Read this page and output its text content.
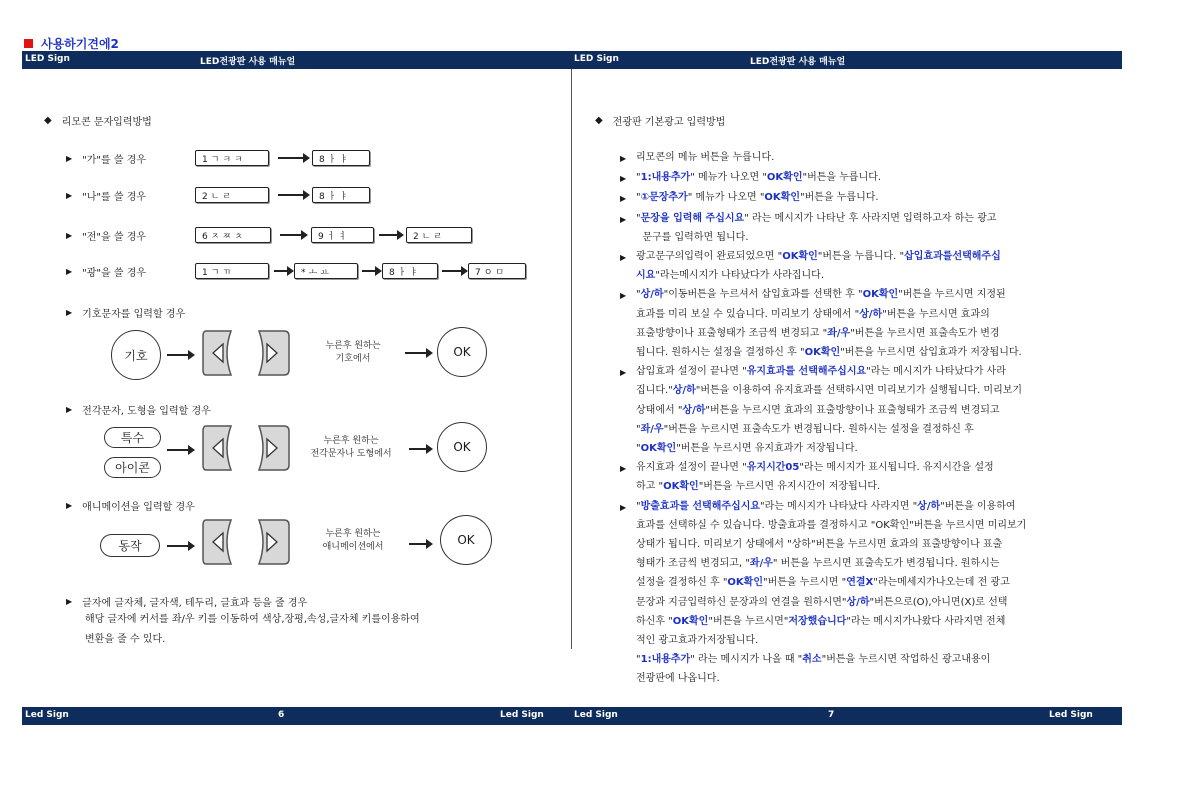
사용하기견에2
LED Sign	LED전광판 사용 매뉴얼	LED Sign	LED전광판 사용 매뉴얼
◆ 리모콘 문자입력방법
▶ "가"를 쓸 경우	1ㄱㅋㅋ	8ㅏㅑ
▶ "나"를 쓸 경우	2ㄴㄹ	8ㅏㅑ
▶ "전"을 쓸 경우	6ㅈㅉㅊ	9ㅓㅕ	2ㄴㄹ
▶ "광"을 쓸 경우	1ㄱㄲ	*ㅗㅛ	8ㅏㅑ	7ㅇㅁ
▶ 기호문자를 입력할 경우
기호
누른후 원하는
기호에서	OK
▶ 전각문자, 도형을 입력할 경우
특수
아이콘
누른후 원하는
전각문자나 도형에서	OK
▶ 애니메이션을 입력할 경우
동작
누른후 원하는
애니메이션에서	OK
▶ 글자에 글자체, 글자색, 테두리, 글효과 등을 줄 경우
해당 글자에 커서를 좌/우 키를 이동하여 색상,장평,속성,글자체 키를이용하여
변환을 줄 수 있다.
◆ 전광판 기본광고 입력방법
▶ 리모콘의 메뉴 버튼을 누릅니다.
▶ "1:내용추가" 메뉴가 나오면 "OK확인"버튼을 누릅니다.
▶ "①문장추가" 메뉴가 나오면 "OK확인"버튼을 누릅니다.
▶ "문장을 입력해 주십시요" 라는 메시지가 나타난 후 사라지면 입력하고자 하는 광고
문구를 입력하면 됩니다.
▶ 광고문구의입력이 완료되었으면 "OK확인"버튼을 누릅니다. "삽입효과를선택해주십
시요"라는메시지가 나타났다가 사라집니다.
▶ "상/하"이동버튼을 누르셔서 삽입효과를 선택한 후 "OK확인"버튼을 누르시면 지정된
효과를 미리 보실 수 있습니다. 미리보기 상태에서 "상/하"버튼을 누르시면 효과의
표출방향이나 표출형태가 조금씩 변경되고 "좌/우"버튼을 누르시면 표출속도가 변경
됩니다. 원하시는 설정을 결정하신 후 "OK확인"버튼을 누르시면 삽입효과가 저장됩니다.
▶ 삽입효과 설정이 끝나면 "유지효과를 선택해주십시요"라는 메시지가 나타났다가 사라
집니다."상/하"버튼을 이용하여 유지효과를 선택하시면 미리보기가 실행됩니다. 미리보기
상태에서 "상/하"버튼을 누르시면 효과의 표출방향이나 표출형태가 조금씩 변경되고
"좌/우"버튼을 누르시면 표출속도가 변경됩니다. 원하시는 설정을 결정하신 후
"OK확인"버튼을 누르시면 유지효과가 저장됩니다.
▶ 유지효과 설정이 끝나면 "유지시간05"라는 메시지가 표시됩니다. 유지시간을 설정
하고 "OK확인"버튼을 누르시면 유지시간이 저장됩니다.
▶ "방출효과를 선택해주십시요"라는 메시지가 나타났다 사라지면 "상/하"버튼을 이용하여
효과를 선택하실 수 있습니다. 방출효과를 결정하시고 "OK확인"버튼을 누르시면 미리보기
상태가 됩니다. 미리보기 상태에서 "상하"버튼을 누르시면 효과의 표출방향이나 표출
형태가 조금씩 변경되고, "좌/우" 버튼을 누르시면 표출속도가 변경됩니다. 원하시는
설정을 결정하신 후 "OK확인"버튼을 누르시면 "연결X"라는메세지가나오는데 전 광고
문장과 지금입력하신 문장과의 연결을 원하시면"상/하"버튼으로(O),아니면(X)로 선택
하신후 "OK확인"버튼을 누르시면"저장했습니다"라는 메시지가나왔다 사라지면 전체
적인 광고효과가저장됩니다.
"1:내용추가" 라는 메시지가 나올 때 "취소"버튼을 누르시면 작업하신 광고내용이
전광판에 나옵니다.
Led Sign	6	Led Sign	Led Sign	7	Led Sign
